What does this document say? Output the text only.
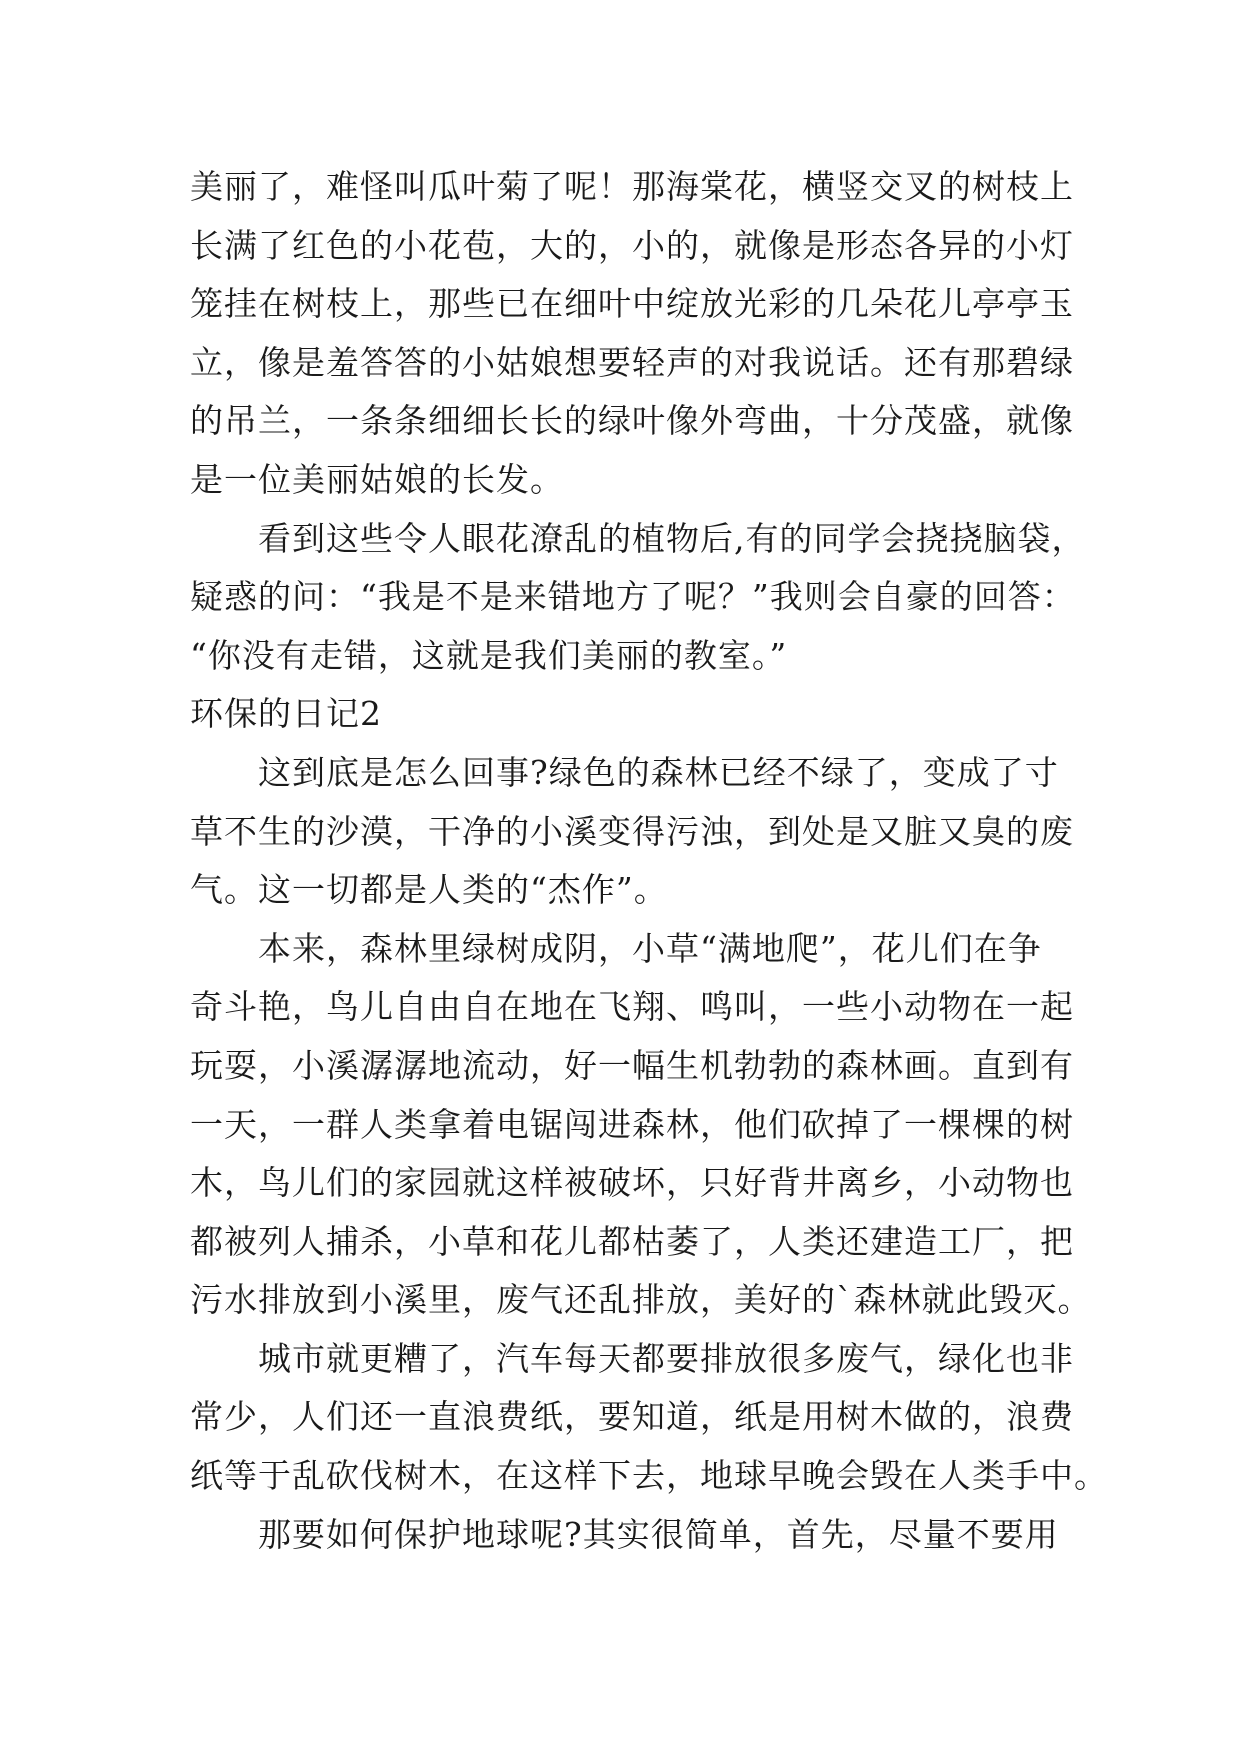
美丽了，难怪叫瓜叶菊了呢！那海棠花，横竖交叉的树枝上
长满了红色的小花苞，大的，小的，就像是形态各异的小灯
笼挂在树枝上，那些已在细叶中绽放光彩的几朵花儿亭亭玉
立，像是羞答答的小姑娘想要轻声的对我说话。还有那碧绿
的吊兰，一条条细细长长的绿叶像外弯曲，十分茂盛，就像
是一位美丽姑娘的长发。
看到这些令人眼花潦乱的植物后,有的同学会挠挠脑袋，
疑惑的问：“我是不是来错地方了呢？”我则会自豪的回答：
“你没有走错，这就是我们美丽的教室。”
环保的日记2
这到底是怎么回事?绿色的森林已经不绿了，变成了寸
草不生的沙漠，干净的小溪变得污浊，到处是又脏又臭的废
气。这一切都是人类的“杰作”。
本来，森林里绿树成阴，小草“满地爬”，花儿们在争
奇斗艳，鸟儿自由自在地在飞翔、鸣叫，一些小动物在一起
玩耍，小溪潺潺地流动，好一幅生机勃勃的森林画。直到有
一天，一群人类拿着电锯闯进森林，他们砍掉了一棵棵的树
木，鸟儿们的家园就这样被破坏，只好背井离乡，小动物也
都被列人捕杀，小草和花儿都枯萎了，人类还建造工厂，把
污水排放到小溪里，废气还乱排放，美好的`森林就此毁灭。
城市就更糟了，汽车每天都要排放很多废气，绿化也非
常少，人们还一直浪费纸，要知道，纸是用树木做的，浪费
纸等于乱砍伐树木，在这样下去，地球早晚会毁在人类手中。
那要如何保护地球呢?其实很简单，首先，尽量不要用
